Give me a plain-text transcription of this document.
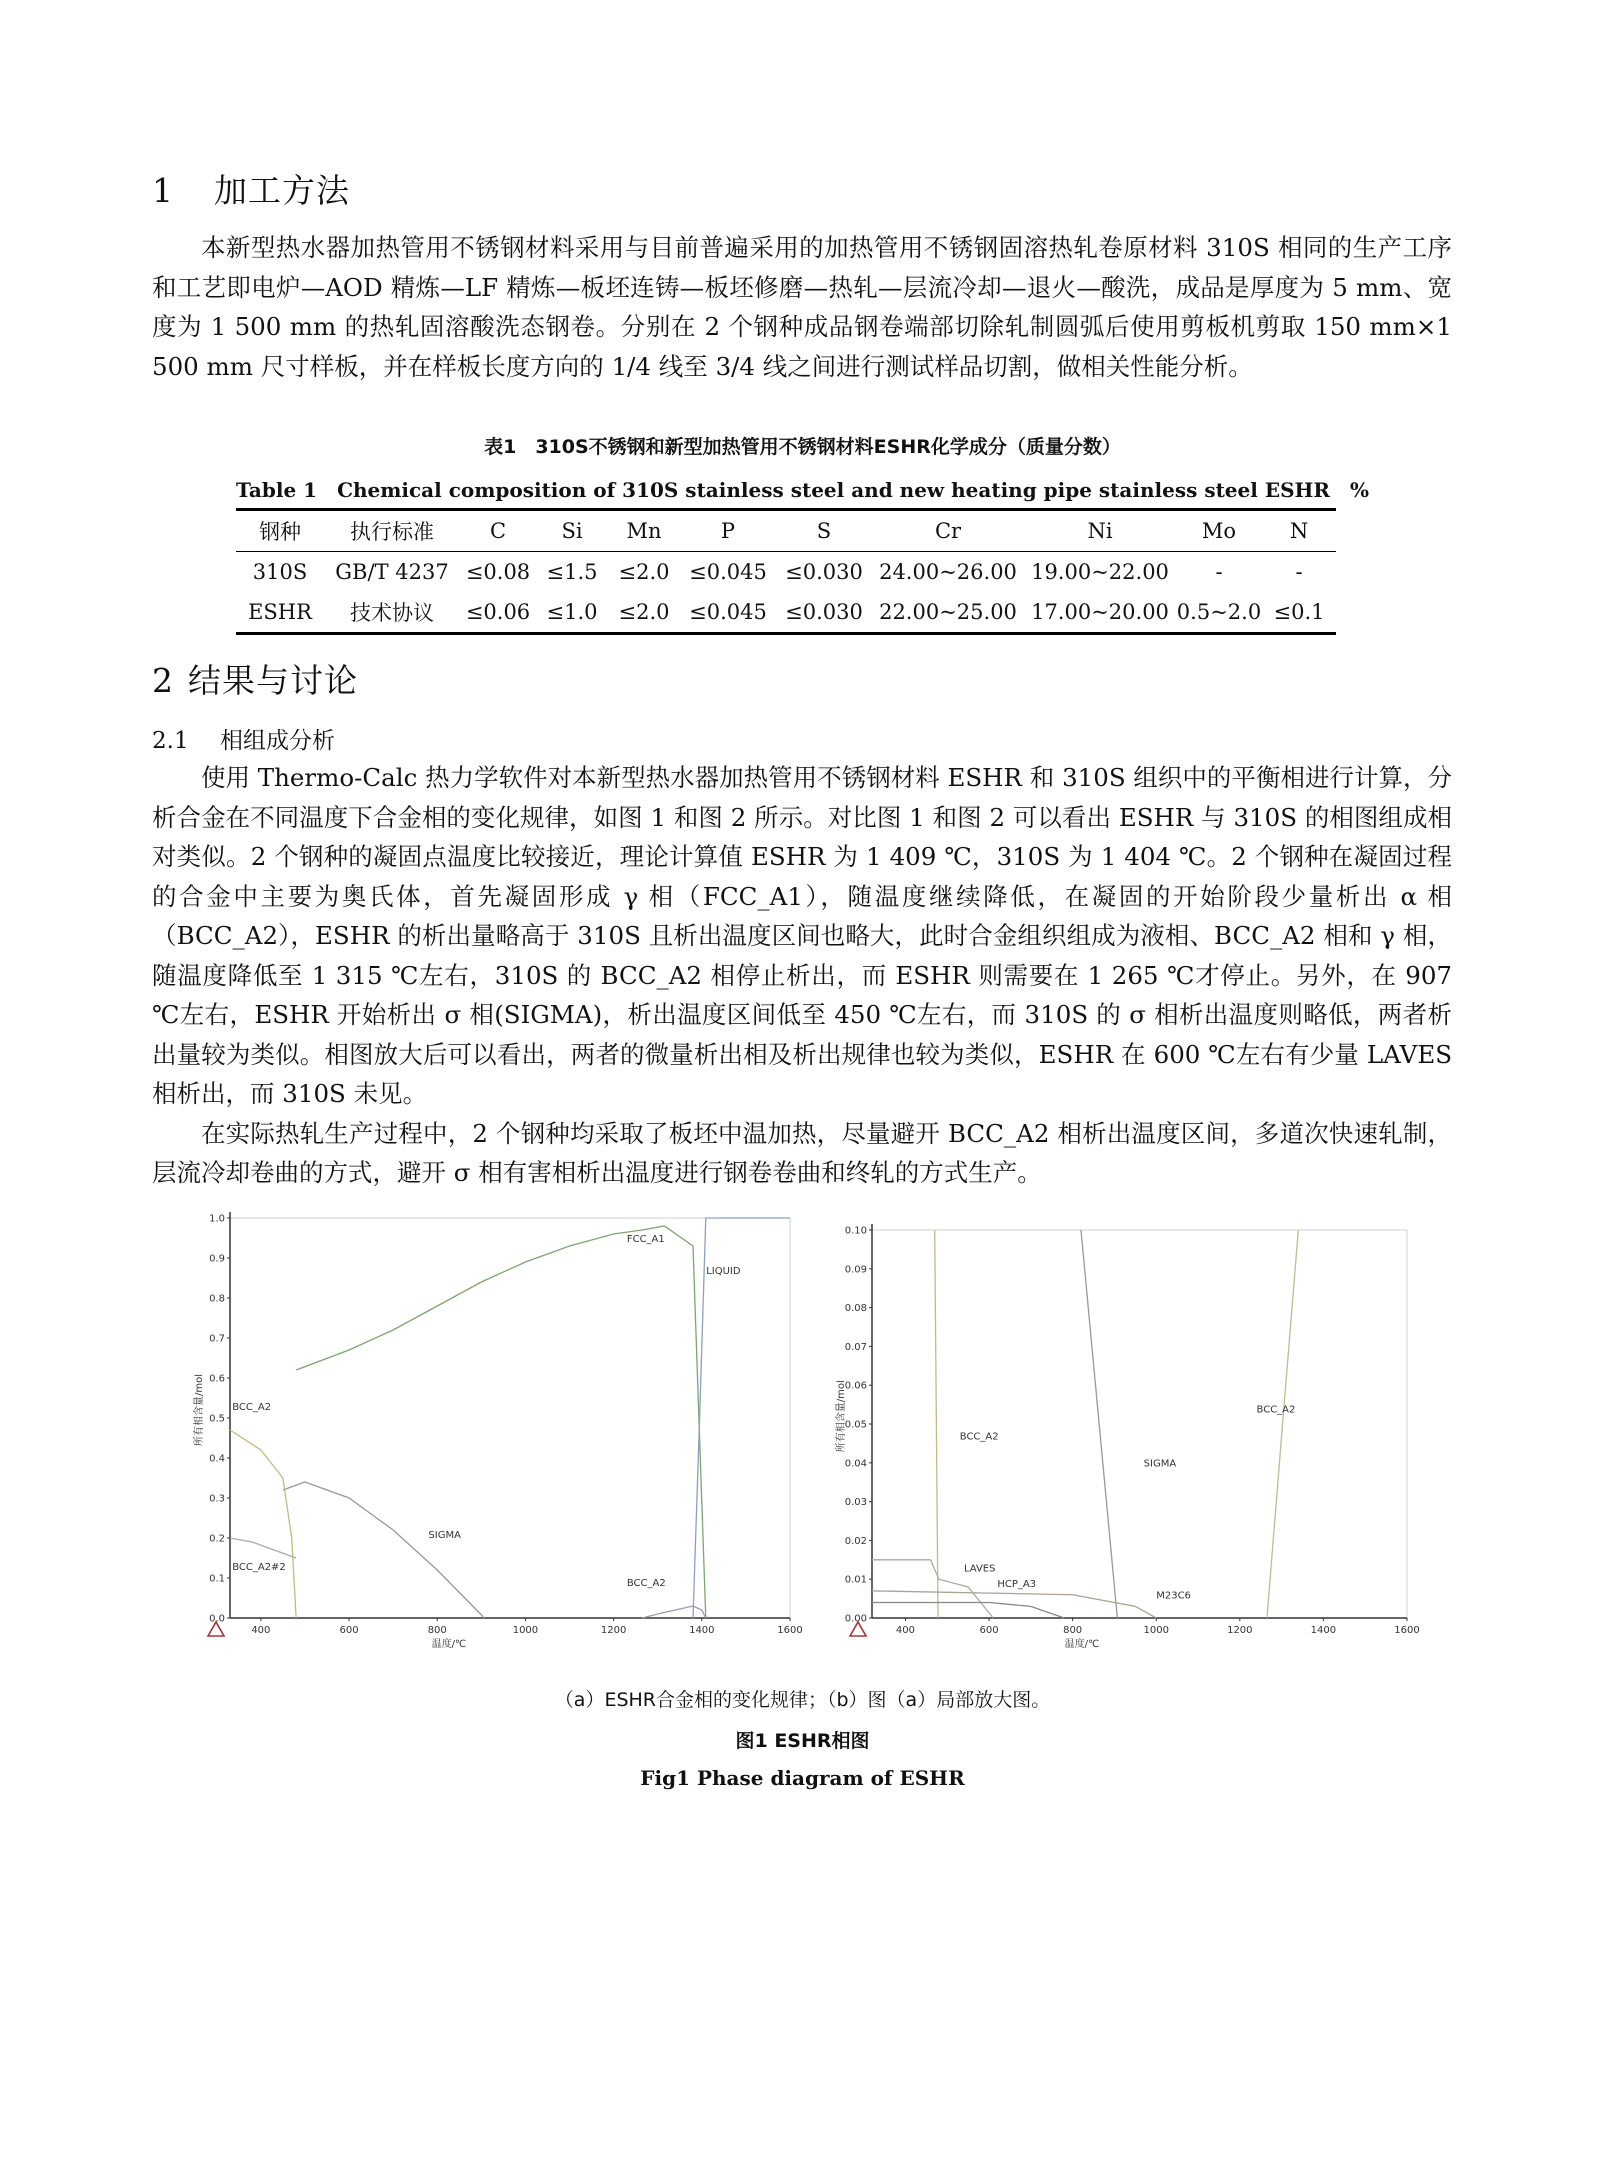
1 加工方法

本新型热水器加热管用不锈钢材料采用与目前普遍采用的加热管用不锈钢固溶热轧卷原材料 310S 相同的生产工序和工艺即电炉—AOD 精炼—LF 精炼—板坯连铸—板坯修磨—热轧—层流冷却—退火—酸洗，成品是厚度为 5 mm、宽度为 1 500 mm 的热轧固溶酸洗态钢卷。分别在 2 个钢种成品钢卷端部切除轧制圆弧后使用剪板机剪取 150 mm×1 500 mm 尺寸样板，并在样板长度方向的 1/4 线至 3/4 线之间进行测试样品切割，做相关性能分析。

表1　310S不锈钢和新型加热管用不锈钢材料ESHR化学成分（质量分数）
Table 1　Chemical composition of 310S stainless steel and new heating pipe stainless steel ESHR　%
钢种	执行标准	C	Si	Mn	P	S	Cr	Ni	Mo	N
310S	GB/T 4237	≤0.08	≤1.5	≤2.0	≤0.045	≤0.030	24.00~26.00	19.00~22.00	-	-
ESHR	技术协议	≤0.06	≤1.0	≤2.0	≤0.045	≤0.030	22.00~25.00	17.00~20.00	0.5~2.0	≤0.1
2 结果与讨论
2.1 相组成分析

使用 Thermo-Calc 热力学软件对本新型热水器加热管用不锈钢材料 ESHR 和 310S 组织中的平衡相进行计算，分析合金在不同温度下合金相的变化规律，如图 1 和图 2 所示。对比图 1 和图 2 可以看出 ESHR 与 310S 的相图组成相对类似。2 个钢种的凝固点温度比较接近，理论计算值 ESHR 为 1 409 ℃，310S 为 1 404 ℃。2 个钢种在凝固过程的合金中主要为奥氏体，首先凝固形成 γ 相（FCC_A1），随温度继续降低，在凝固的开始阶段少量析出 α 相（BCC_A2），ESHR 的析出量略高于 310S 且析出温度区间也略大，此时合金组织组成为液相、BCC_A2 相和 γ 相，随温度降低至 1 315 ℃左右，310S 的 BCC_A2 相停止析出，而 ESHR 则需要在 1 265 ℃才停止。另外，在 907 ℃左右，ESHR 开始析出 σ 相(SIGMA)，析出温度区间低至 450 ℃左右，而 310S 的 σ 相析出温度则略低，两者析出量较为类似。相图放大后可以看出，两者的微量析出相及析出规律也较为类似，ESHR 在 600 ℃左右有少量 LAVES 相析出，而 310S 未见。

在实际热轧生产过程中，2 个钢种均采取了板坯中温加热，尽量避开 BCC_A2 相析出温度区间，多道次快速轧制，层流冷却卷曲的方式，避开 σ 相有害相析出温度进行钢卷卷曲和终轧的方式生产。

0.0
0.1
0.2
0.3
0.4
0.5
0.6
0.7
0.8
0.9
1.0
400	600	800	1000	1200	1400	1600
温度/℃
所有相含量/mol
FCC_A1
LIQUID
BCC_A2
SIGMA
BCC_A2#2
BCC_A2
0.00
0.01
0.02
0.03
0.04
0.05
0.06
0.07
0.08
0.09
0.10
400	600	800	1000	1200	1400	1600
温度/℃
所有相含量/mol	BCC_A2
SIGMA
BCC_A2
LAVES
HCP_A3
M23C6
（a）ESHR合金相的变化规律；（b）图（a）局部放大图。
图1 ESHR相图
Fig1 Phase diagram of ESHR
